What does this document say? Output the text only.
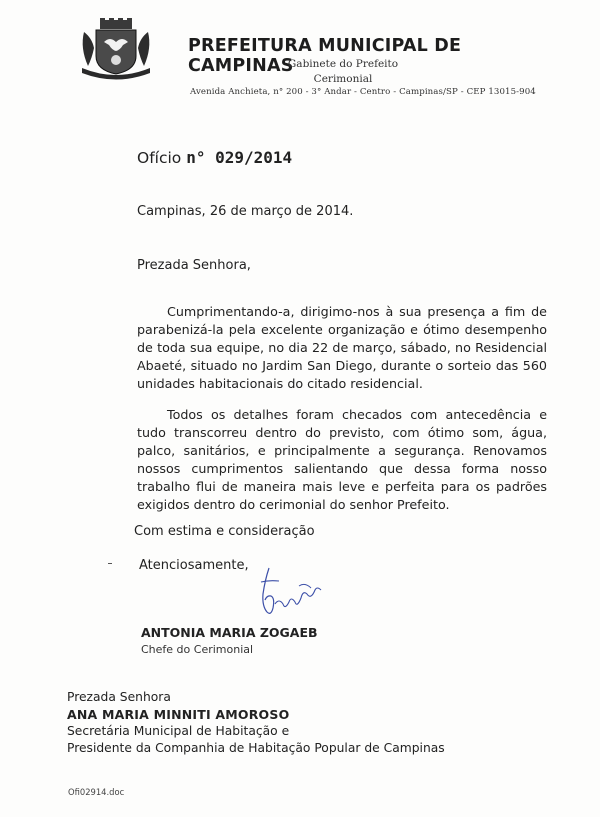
PREFEITURA MUNICIPAL DE CAMPINAS
Gabinete do Prefeito
Cerimonial
Avenida Anchieta, n° 200 - 3° Andar - Centro - Campinas/SP - CEP 13015-904
Ofício n° 029/2014
Campinas, 26 de março de 2014.
Prezada Senhora,
Cumprimentando-a, dirigimo-nos à sua presença a fim de parabenizá-la pela excelente organização e ótimo desempenho de toda sua equipe, no dia 22 de março, sábado, no Residencial Abaeté, situado no Jardim San Diego, durante o sorteio das 560 unidades habitacionais do citado residencial.
Todos os detalhes foram checados com antecedência e tudo transcorreu dentro do previsto, com ótimo som, água, palco, sanitários, e principalmente a segurança. Renovamos nossos cumprimentos salientando que dessa forma nosso trabalho flui de maneira mais leve e perfeita para os padrões exigidos dentro do cerimonial do senhor Prefeito.
Com estima e consideração
Atenciosamente,
ANTONIA MARIA ZOGAEB
Chefe do Cerimonial
Prezada Senhora
ANA MARIA MINNITI AMOROSO
Secretária Municipal de Habitação e
Presidente da Companhia de Habitação Popular de Campinas
Ofi02914.doc
